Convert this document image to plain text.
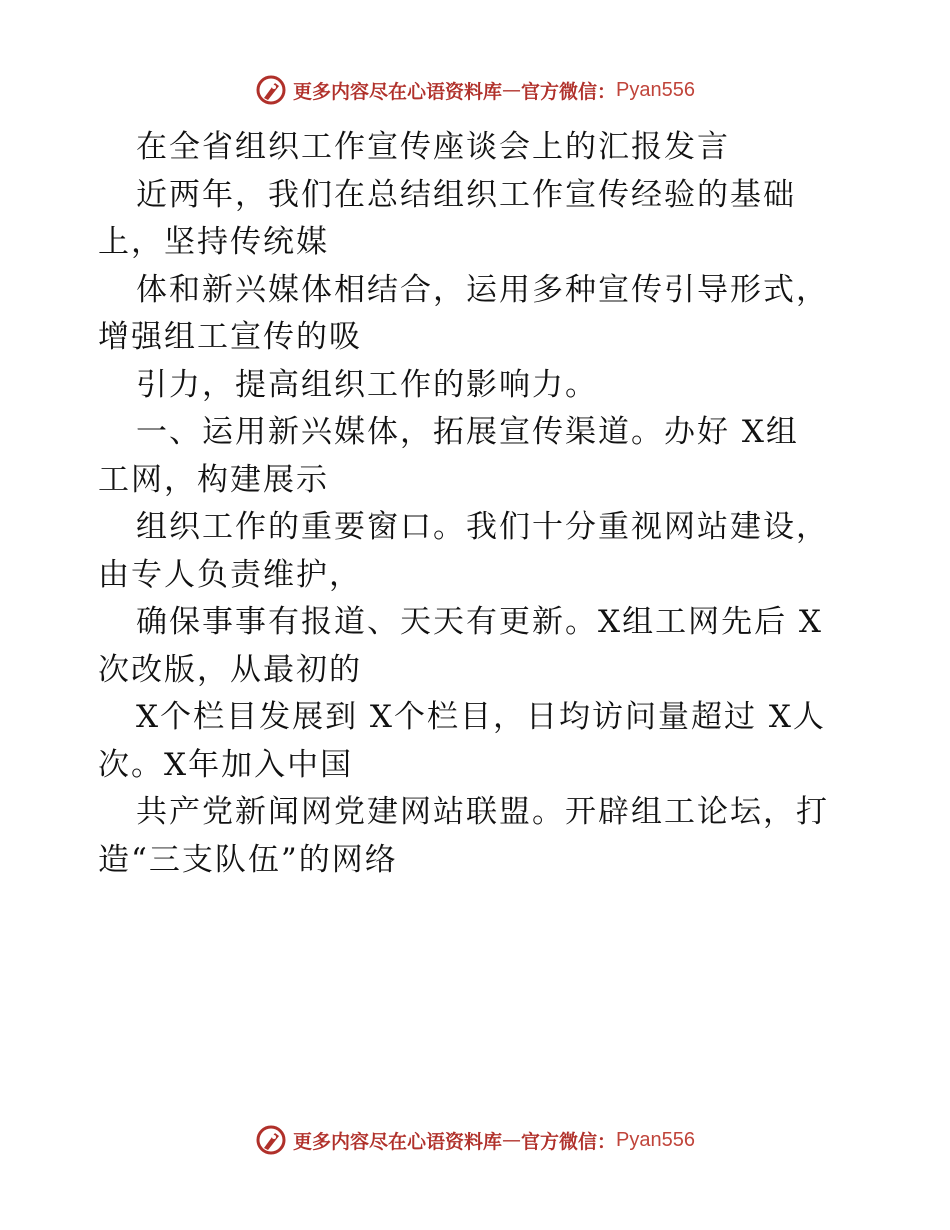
更多内容尽在心语资料库 — 官方微信： Pyan556
在全省组织工作宣传座谈会上的汇报发言
近两年，我们在总结组织工作宣传经验的基础
上，坚持传统媒
体和新兴媒体相结合，运用多种宣传引导形式，
增强组工宣传的吸
引力，提高组织工作的影响力。
一、运用新兴媒体，拓展宣传渠道。办好 X组
工网，构建展示
组织工作的重要窗口。我们十分重视网站建设，
由专人负责维护，
确保事事有报道、天天有更新。X组工网先后 X
次改版，从最初的
X个栏目发展到 X个栏目，日均访问量超过 X人
次。X年加入中国
共产党新闻网党建网站联盟。开辟组工论坛，打
造“三支队伍”的网络
更多内容尽在心语资料库 — 官方微信： Pyan556
